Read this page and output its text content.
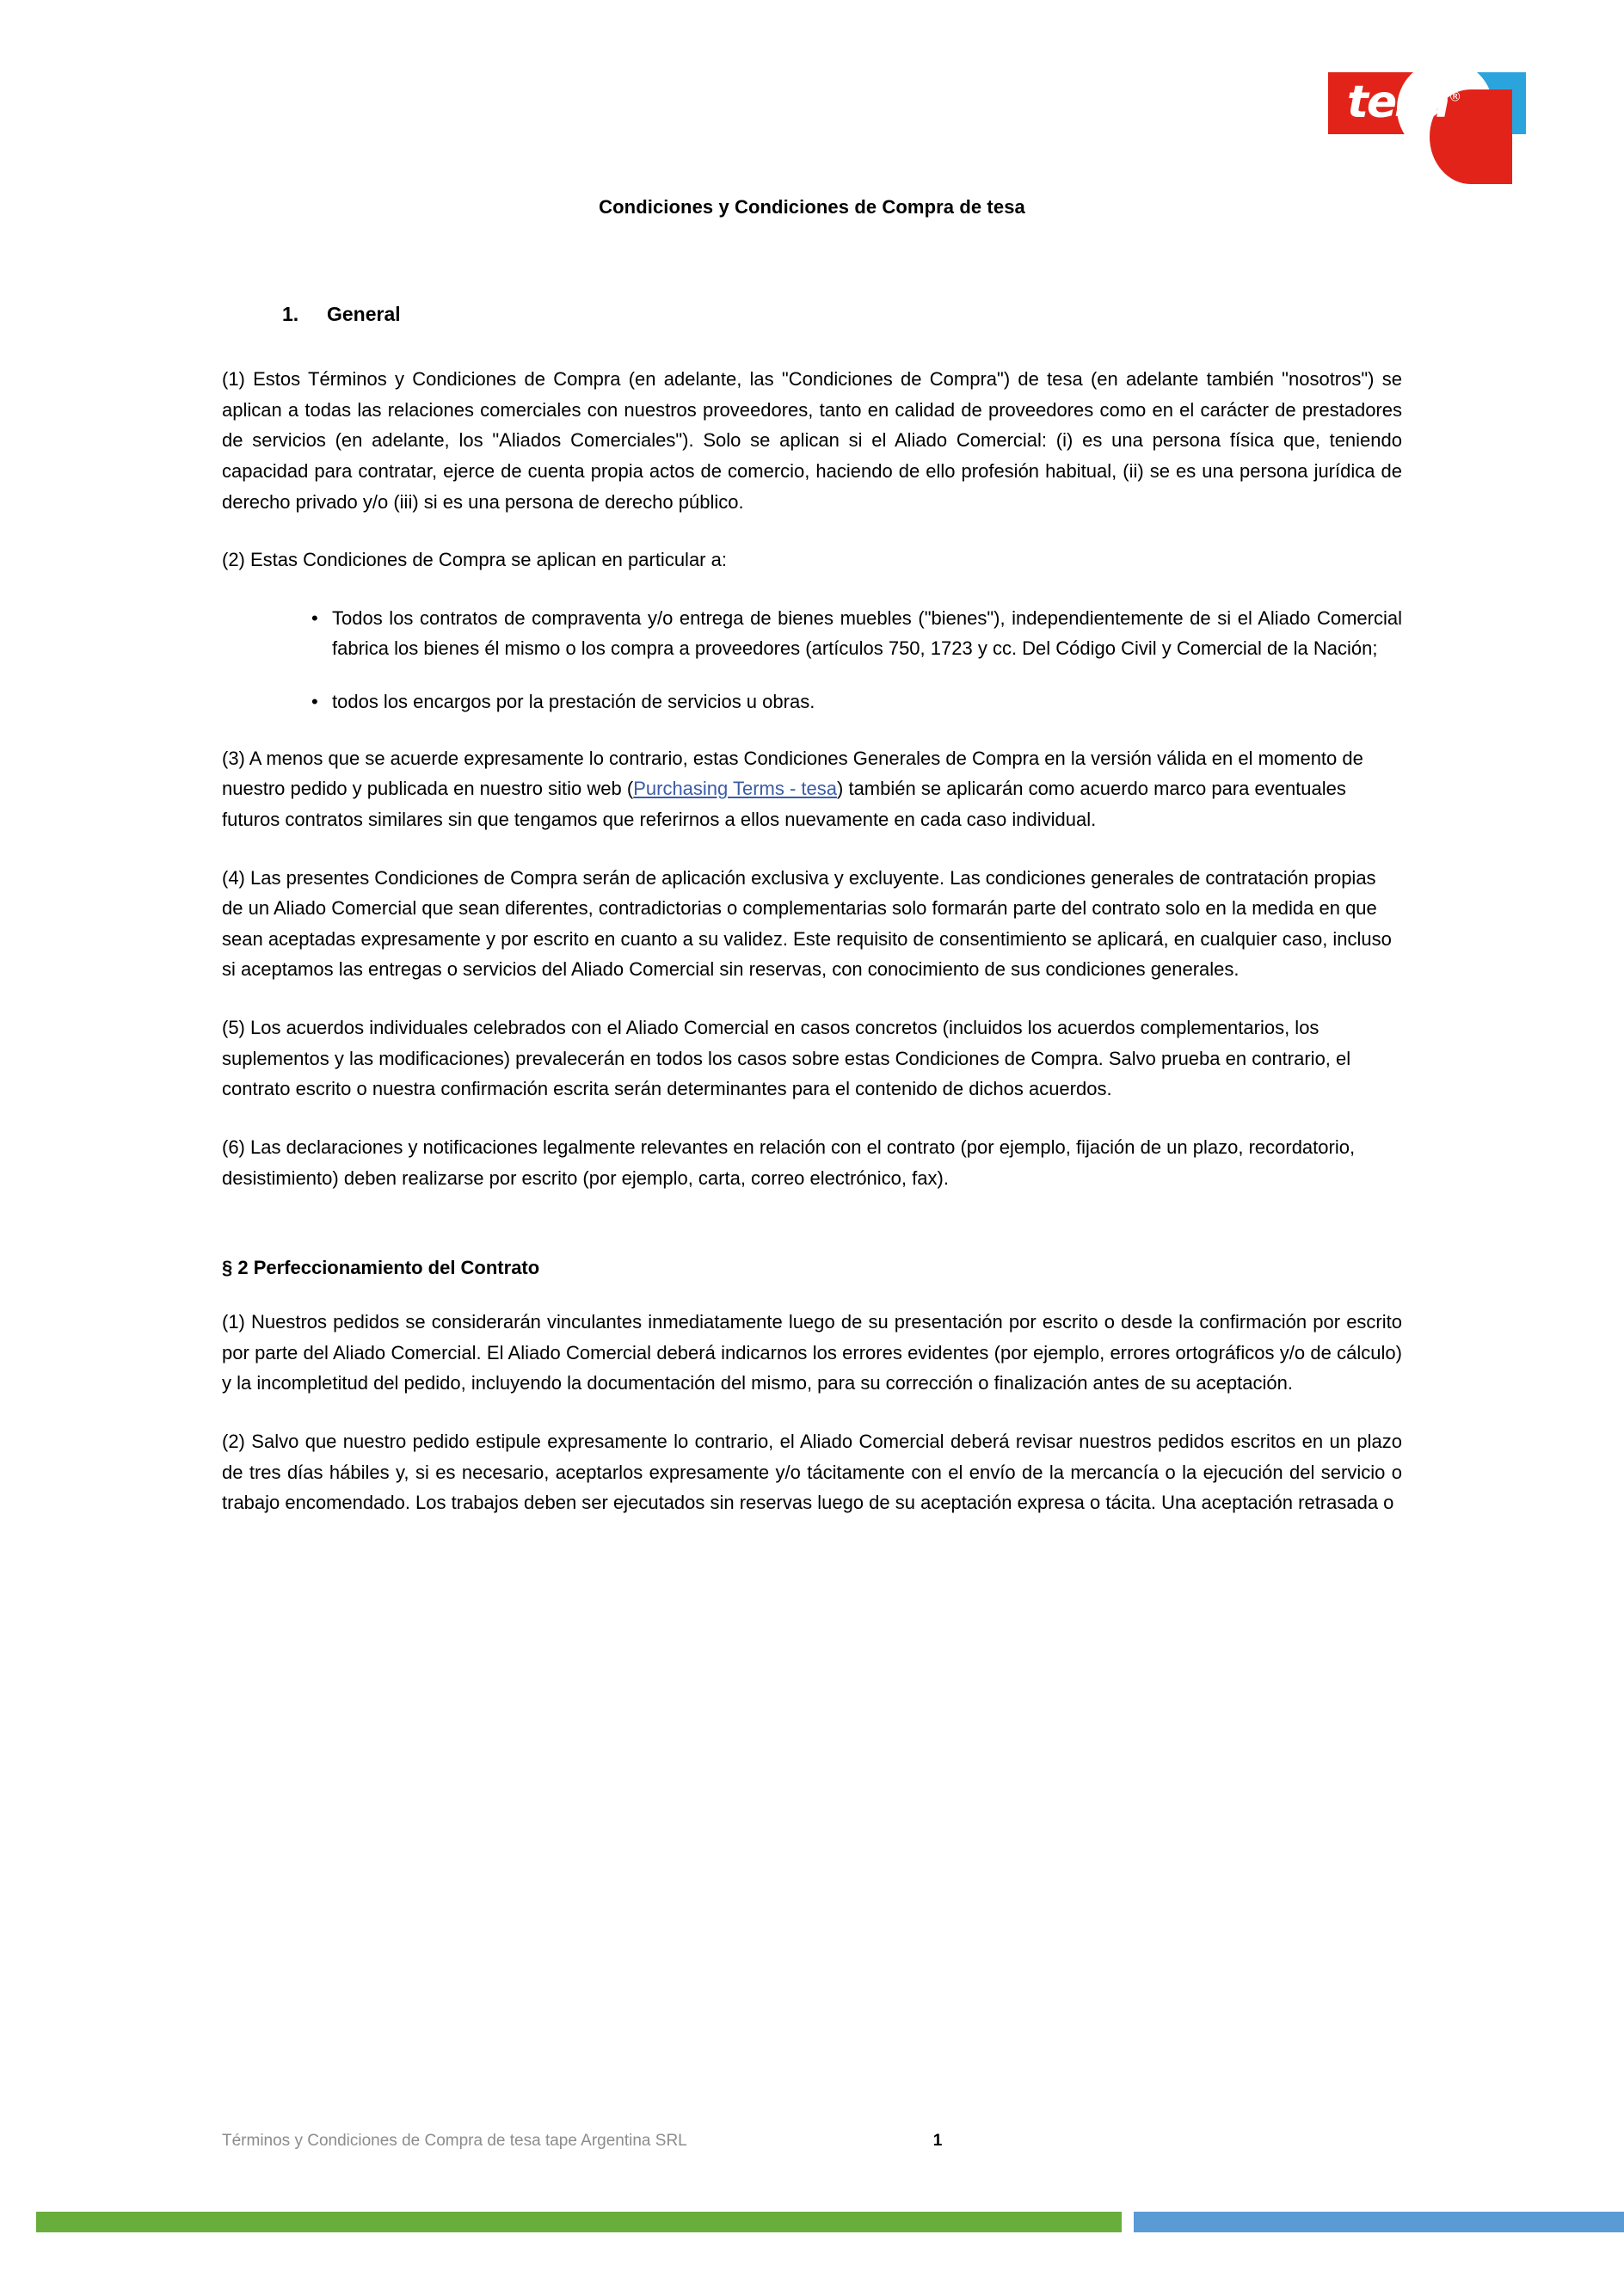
tesa®
Condiciones y Condiciones de Compra de tesa
1.	General

(1) Estos Términos y Condiciones de Compra (en adelante, las "Condiciones de Compra") de tesa (en adelante también "nosotros") se aplican a todas las relaciones comerciales con nuestros proveedores, tanto en calidad de proveedores como en el carácter de prestadores de servicios (en adelante, los "Aliados Comerciales"). Solo se aplican si el Aliado Comercial: (i) es una persona física que, teniendo capacidad para contratar, ejerce de cuenta propia actos de comercio, haciendo de ello profesión habitual, (ii) se es una persona jurídica de derecho privado y/o (iii) si es una persona de derecho público.

(2) Estas Condiciones de Compra se aplican en particular a:

• Todos los contratos de compraventa y/o entrega de bienes muebles ("bienes"), independientemente de si el Aliado Comercial fabrica los bienes él mismo o los compra a proveedores (artículos 750, 1723 y cc. Del Código Civil y Comercial de la Nación;
• todos los encargos por la prestación de servicios u obras.

(3) A menos que se acuerde expresamente lo contrario, estas Condiciones Generales de Compra en la versión válida en el momento de nuestro pedido y publicada en nuestro sitio web (Purchasing Terms - tesa) también se aplicarán como acuerdo marco para eventuales futuros contratos similares sin que tengamos que referirnos a ellos nuevamente en cada caso individual.

(4) Las presentes Condiciones de Compra serán de aplicación exclusiva y excluyente. Las condiciones generales de contratación propias de un Aliado Comercial que sean diferentes, contradictorias o complementarias solo formarán parte del contrato solo en la medida en que sean aceptadas expresamente y por escrito en cuanto a su validez. Este requisito de consentimiento se aplicará, en cualquier caso, incluso si aceptamos las entregas o servicios del Aliado Comercial sin reservas, con conocimiento de sus condiciones generales.

(5) Los acuerdos individuales celebrados con el Aliado Comercial en casos concretos (incluidos los acuerdos complementarios, los suplementos y las modificaciones) prevalecerán en todos los casos sobre estas Condiciones de Compra. Salvo prueba en contrario, el contrato escrito o nuestra confirmación escrita serán determinantes para el contenido de dichos acuerdos.

(6) Las declaraciones y notificaciones legalmente relevantes en relación con el contrato (por ejemplo, fijación de un plazo, recordatorio, desistimiento) deben realizarse por escrito (por ejemplo, carta, correo electrónico, fax).

§ 2 Perfeccionamiento del Contrato

(1) Nuestros pedidos se considerarán vinculantes inmediatamente luego de su presentación por escrito o desde la confirmación por escrito por parte del Aliado Comercial. El Aliado Comercial deberá indicarnos los errores evidentes (por ejemplo, errores ortográficos y/o de cálculo) y la incompletitud del pedido, incluyendo la documentación del mismo, para su corrección o finalización antes de su aceptación.

(2) Salvo que nuestro pedido estipule expresamente lo contrario, el Aliado Comercial deberá revisar nuestros pedidos escritos en un plazo de tres días hábiles y, si es necesario, aceptarlos expresamente y/o tácitamente con el envío de la mercancía o la ejecución del servicio o trabajo encomendado. Los trabajos deben ser ejecutados sin reservas luego de su aceptación expresa o tácita. Una aceptación retrasada o

Términos y Condiciones de Compra de tesa tape Argentina SRL	1
